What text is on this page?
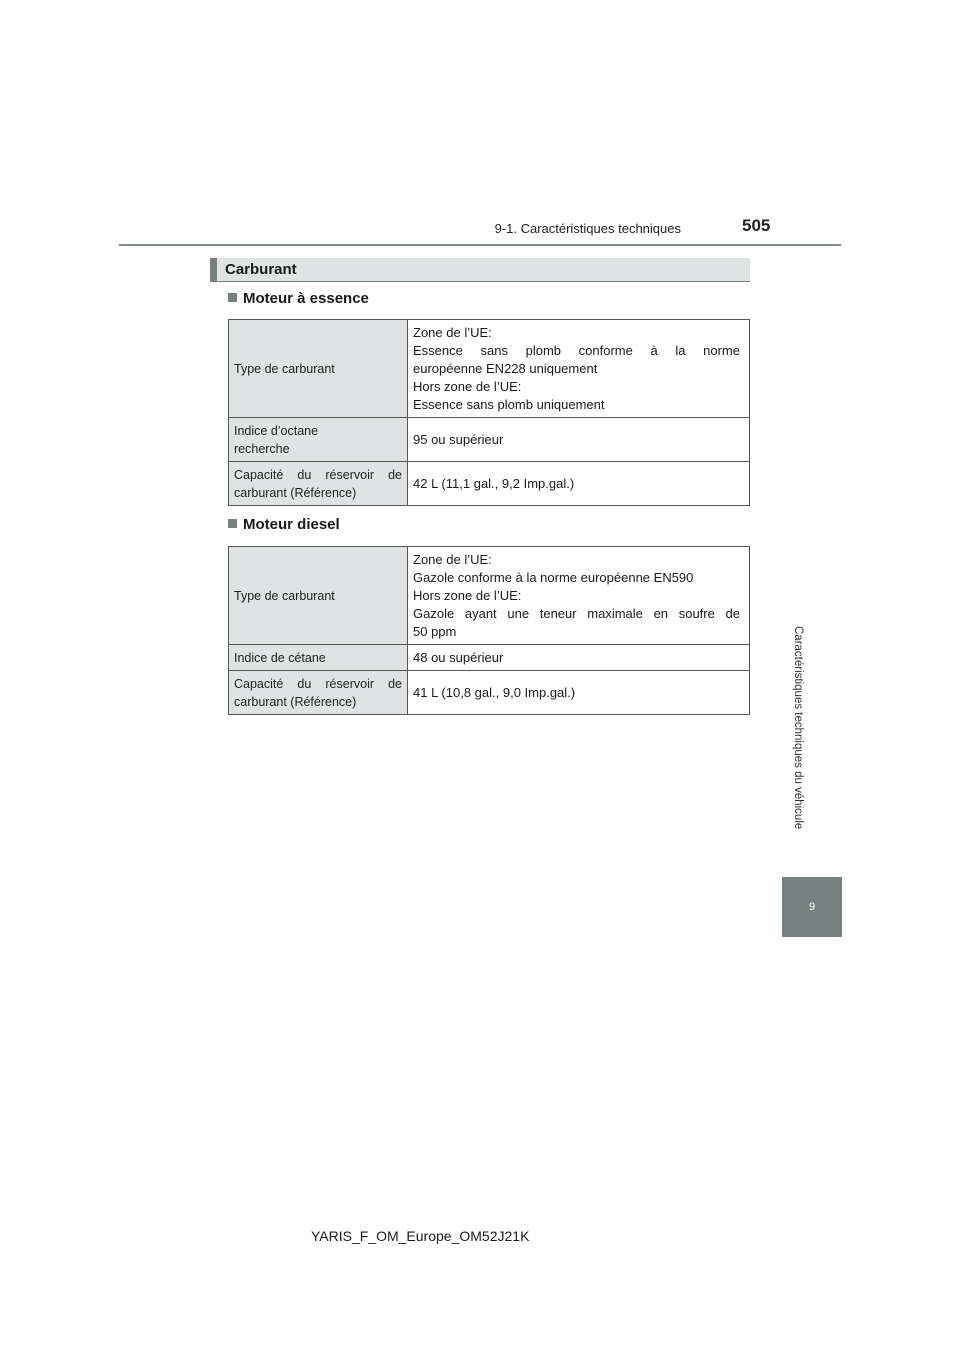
9-1. Caractéristiques techniques	505
Caractéristiques techniques du véhicule
9
Carburant
Moteur à essence
Type de carburant	Zone de l’UE:
Essence sans plomb conforme à la norme
européenne EN228 uniquement
Hors zone de l’UE:
Essence sans plomb uniquement

Indice d’octane
recherche	95 ou supérieur

Capacité du réservoir de
carburant (Référence)	42 L (11,1 gal., 9,2 Imp.gal.)
Moteur diesel
Type de carburant	Zone de l’UE:
Gazole conforme à la norme européenne EN590
Hors zone de l’UE:
Gazole ayant une teneur maximale en soufre de
50 ppm

Indice de cétane	48 ou supérieur

Capacité du réservoir de
carburant (Référence)	41 L (10,8 gal., 9,0 Imp.gal.)
YARIS_F_OM_Europe_OM52J21K
